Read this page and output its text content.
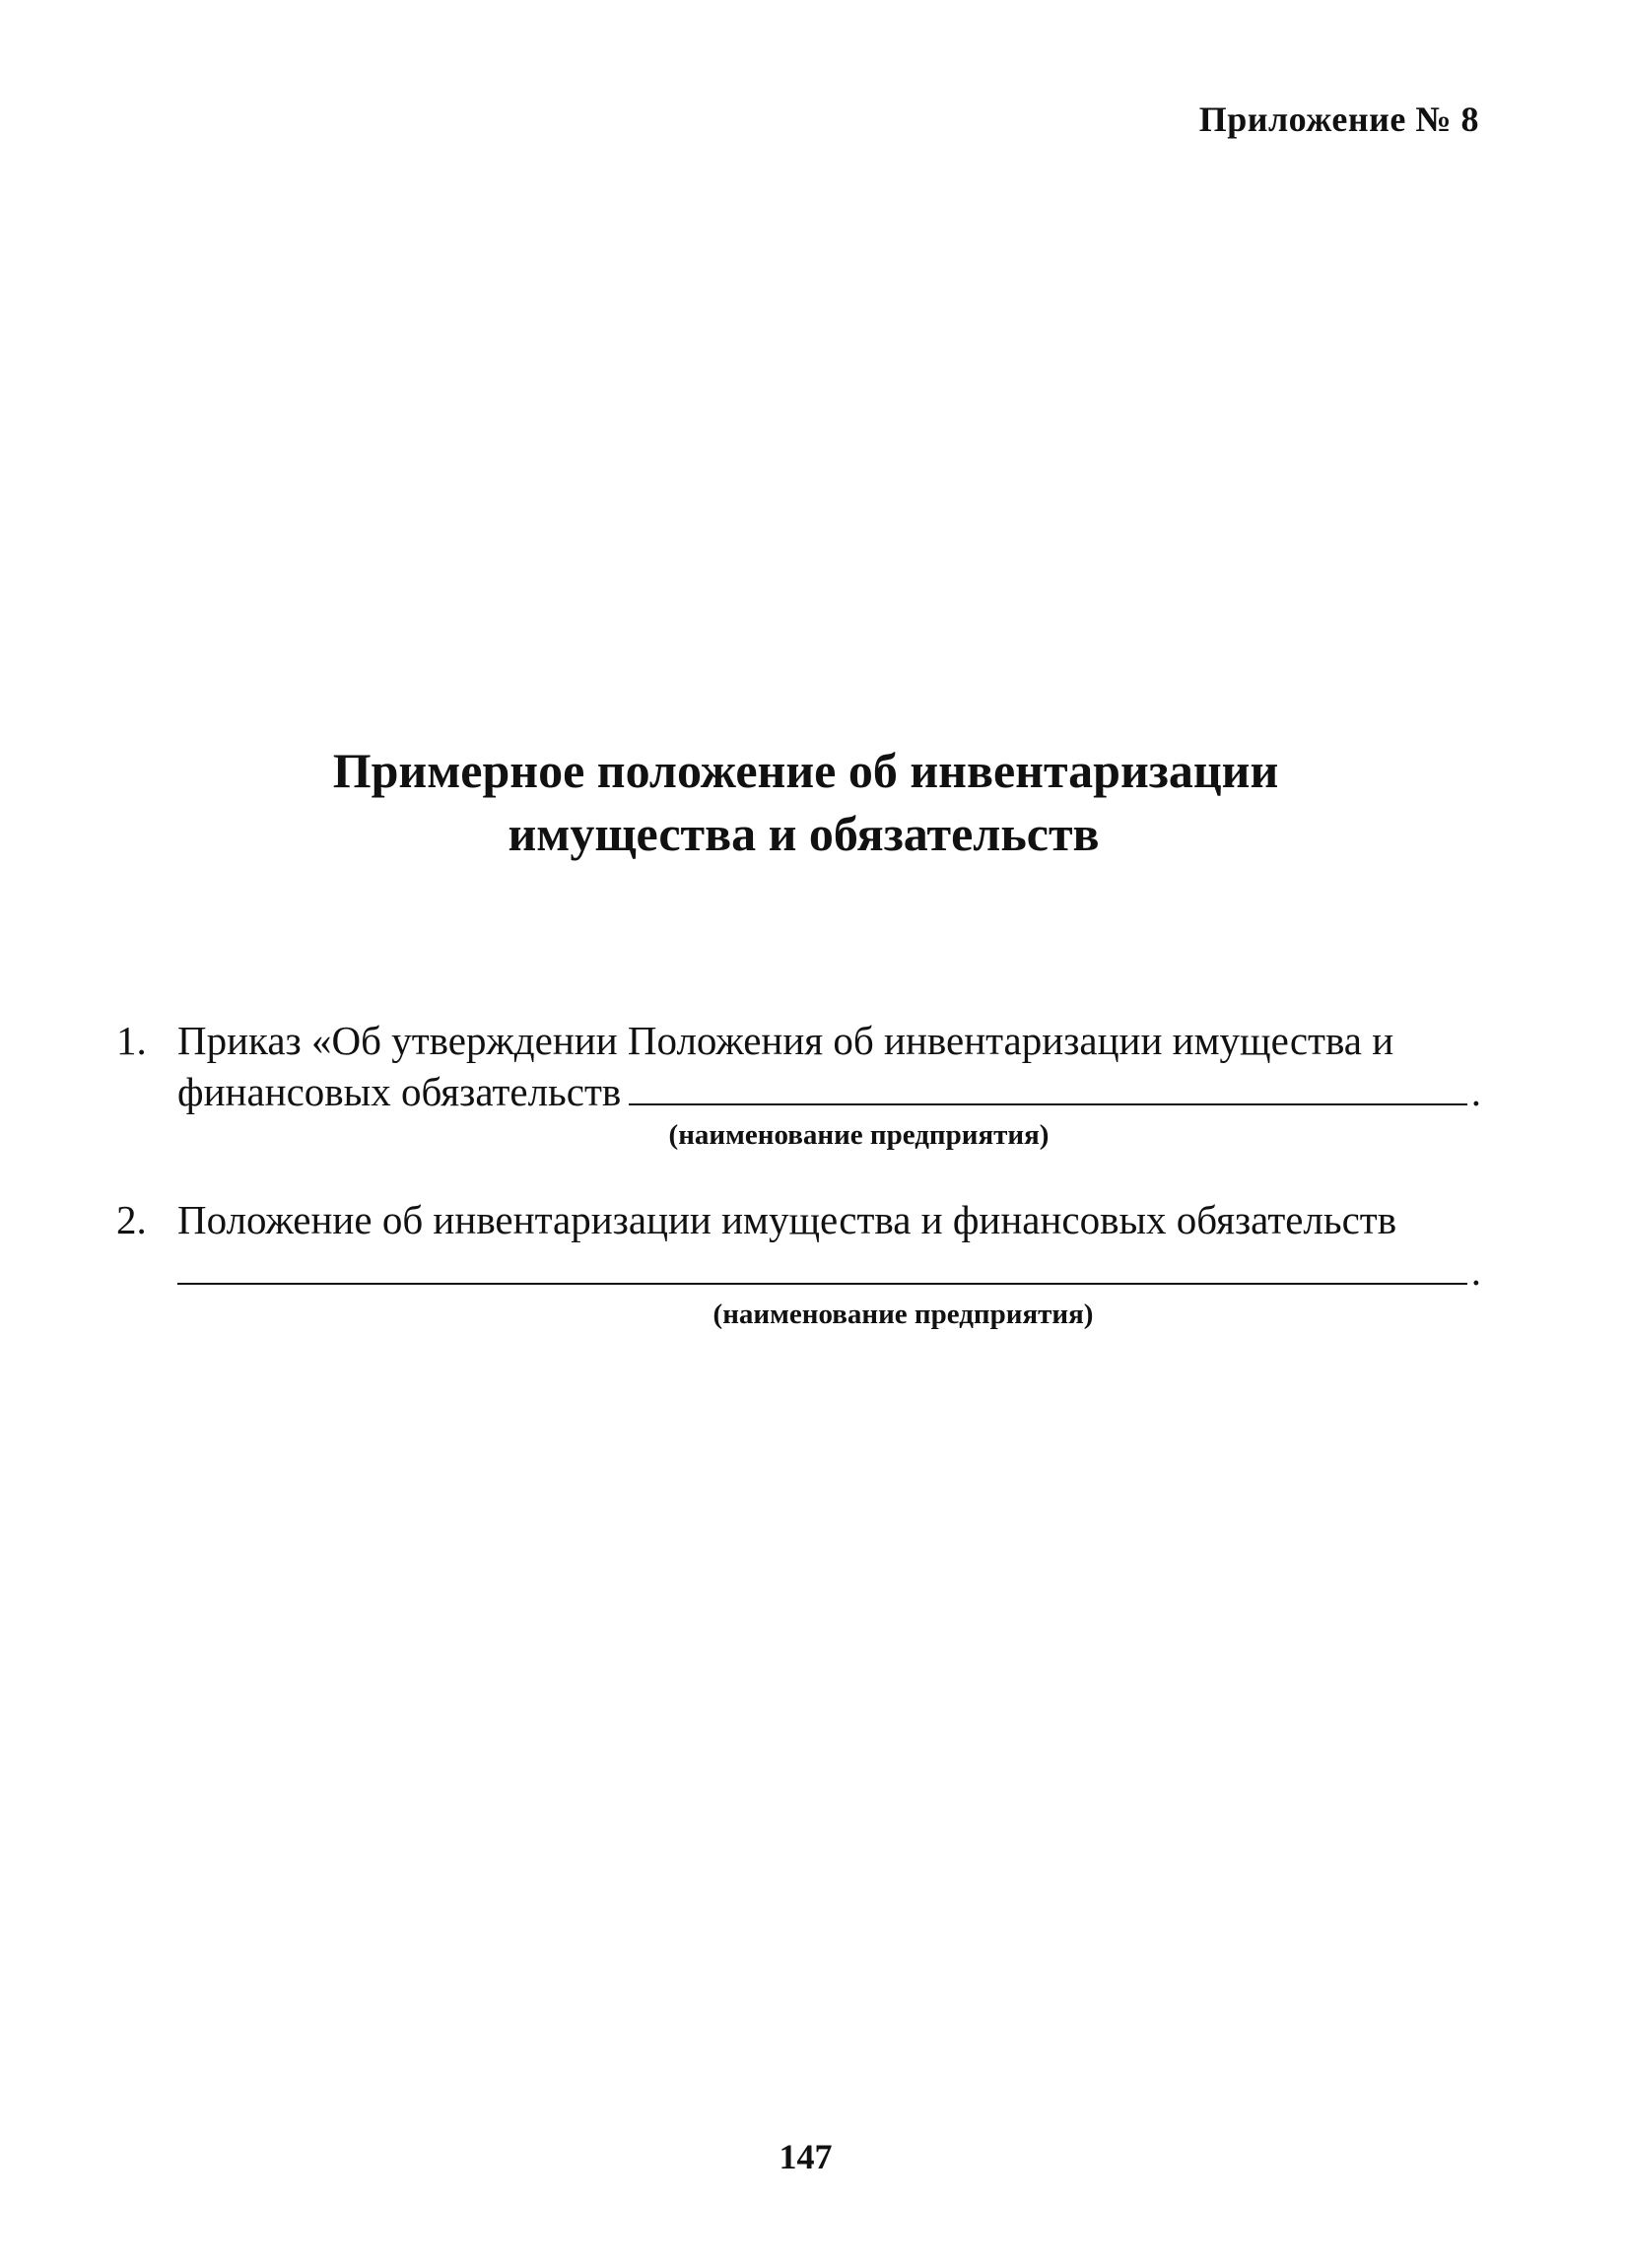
Приложение № 8
Примерное положение об инвентаризации
имущества и обязательств
1. Приказ «Об утверждении Положения об инвентаризации имущества и
финансовых обязательств	.
(наименование предприятия)
2. Положение об инвентаризации имущества и финансовых обязательств
.
(наименование предприятия)
147
